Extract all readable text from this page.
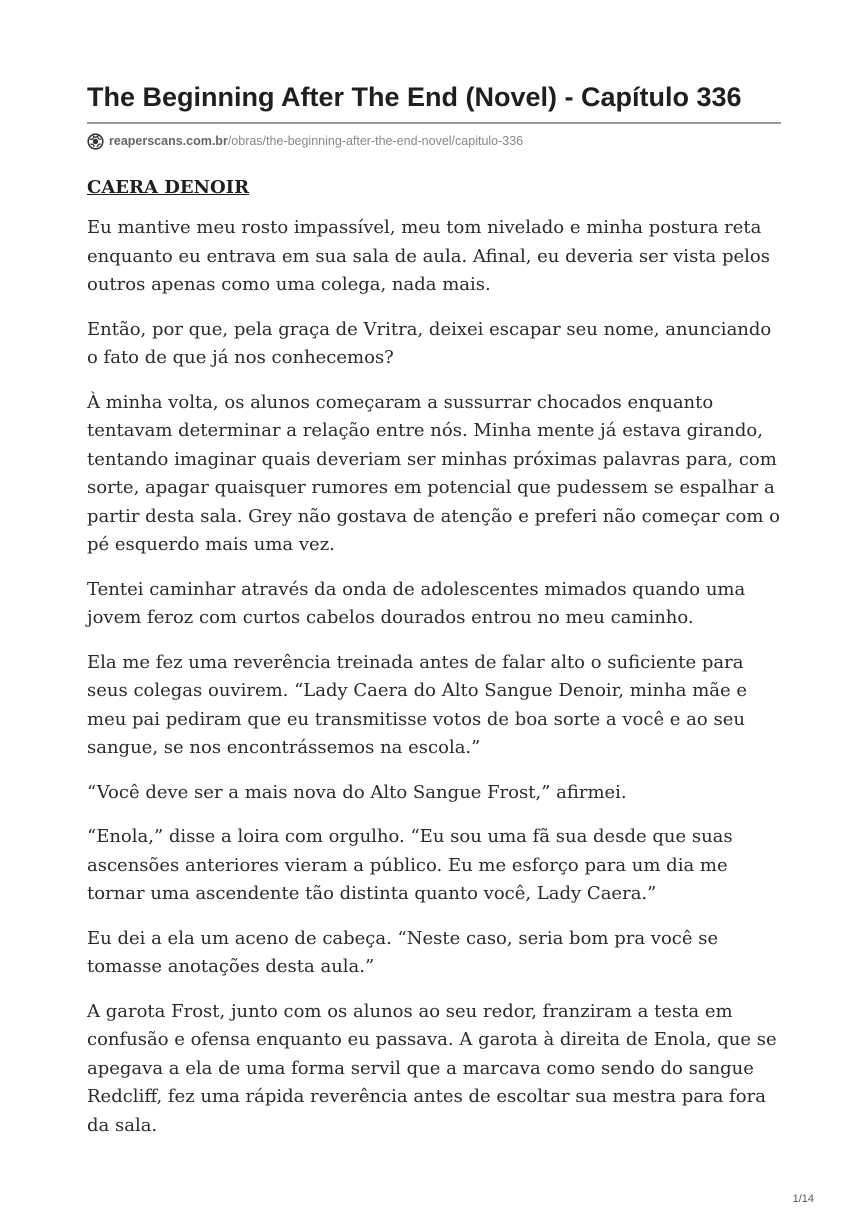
The Beginning After The End (Novel) - Capítulo 336
reaperscans.com.br /obras/the-beginning-after-the-end-novel/capitulo-336

CAERA DENOIR

Eu mantive meu rosto impassível, meu tom nivelado e minha postura reta enquanto eu entrava em sua sala de aula. Afinal, eu deveria ser vista pelos outros apenas como uma colega, nada mais.

Então, por que, pela graça de Vritra, deixei escapar seu nome, anunciando o fato de que já nos conhecemos?

À minha volta, os alunos começaram a sussurrar chocados enquanto tentavam determinar a relação entre nós. Minha mente já estava girando, tentando imaginar quais deveriam ser minhas próximas palavras para, com sorte, apagar quaisquer rumores em potencial que pudessem se espalhar a partir desta sala. Grey não gostava de atenção e preferi não começar com o pé esquerdo mais uma vez.

Tentei caminhar através da onda de adolescentes mimados quando uma jovem feroz com curtos cabelos dourados entrou no meu caminho.

Ela me fez uma reverência treinada antes de falar alto o suficiente para seus colegas ouvirem. “Lady Caera do Alto Sangue Denoir, minha mãe e meu pai pediram que eu transmitisse votos de boa sorte a você e ao seu sangue, se nos encontrássemos na escola.”

“Você deve ser a mais nova do Alto Sangue Frost,” afirmei.

“Enola,” disse a loira com orgulho. “Eu sou uma fã sua desde que suas ascensões anteriores vieram a público. Eu me esforço para um dia me tornar uma ascendente tão distinta quanto você, Lady Caera.”

Eu dei a ela um aceno de cabeça. “Neste caso, seria bom pra você se tomasse anotações desta aula.”

A garota Frost, junto com os alunos ao seu redor, franziram a testa em confusão e ofensa enquanto eu passava. A garota à direita de Enola, que se apegava a ela de uma forma servil que a marcava como sendo do sangue Redcliff, fez uma rápida reverência antes de escoltar sua mestra para fora da sala.

1/14
